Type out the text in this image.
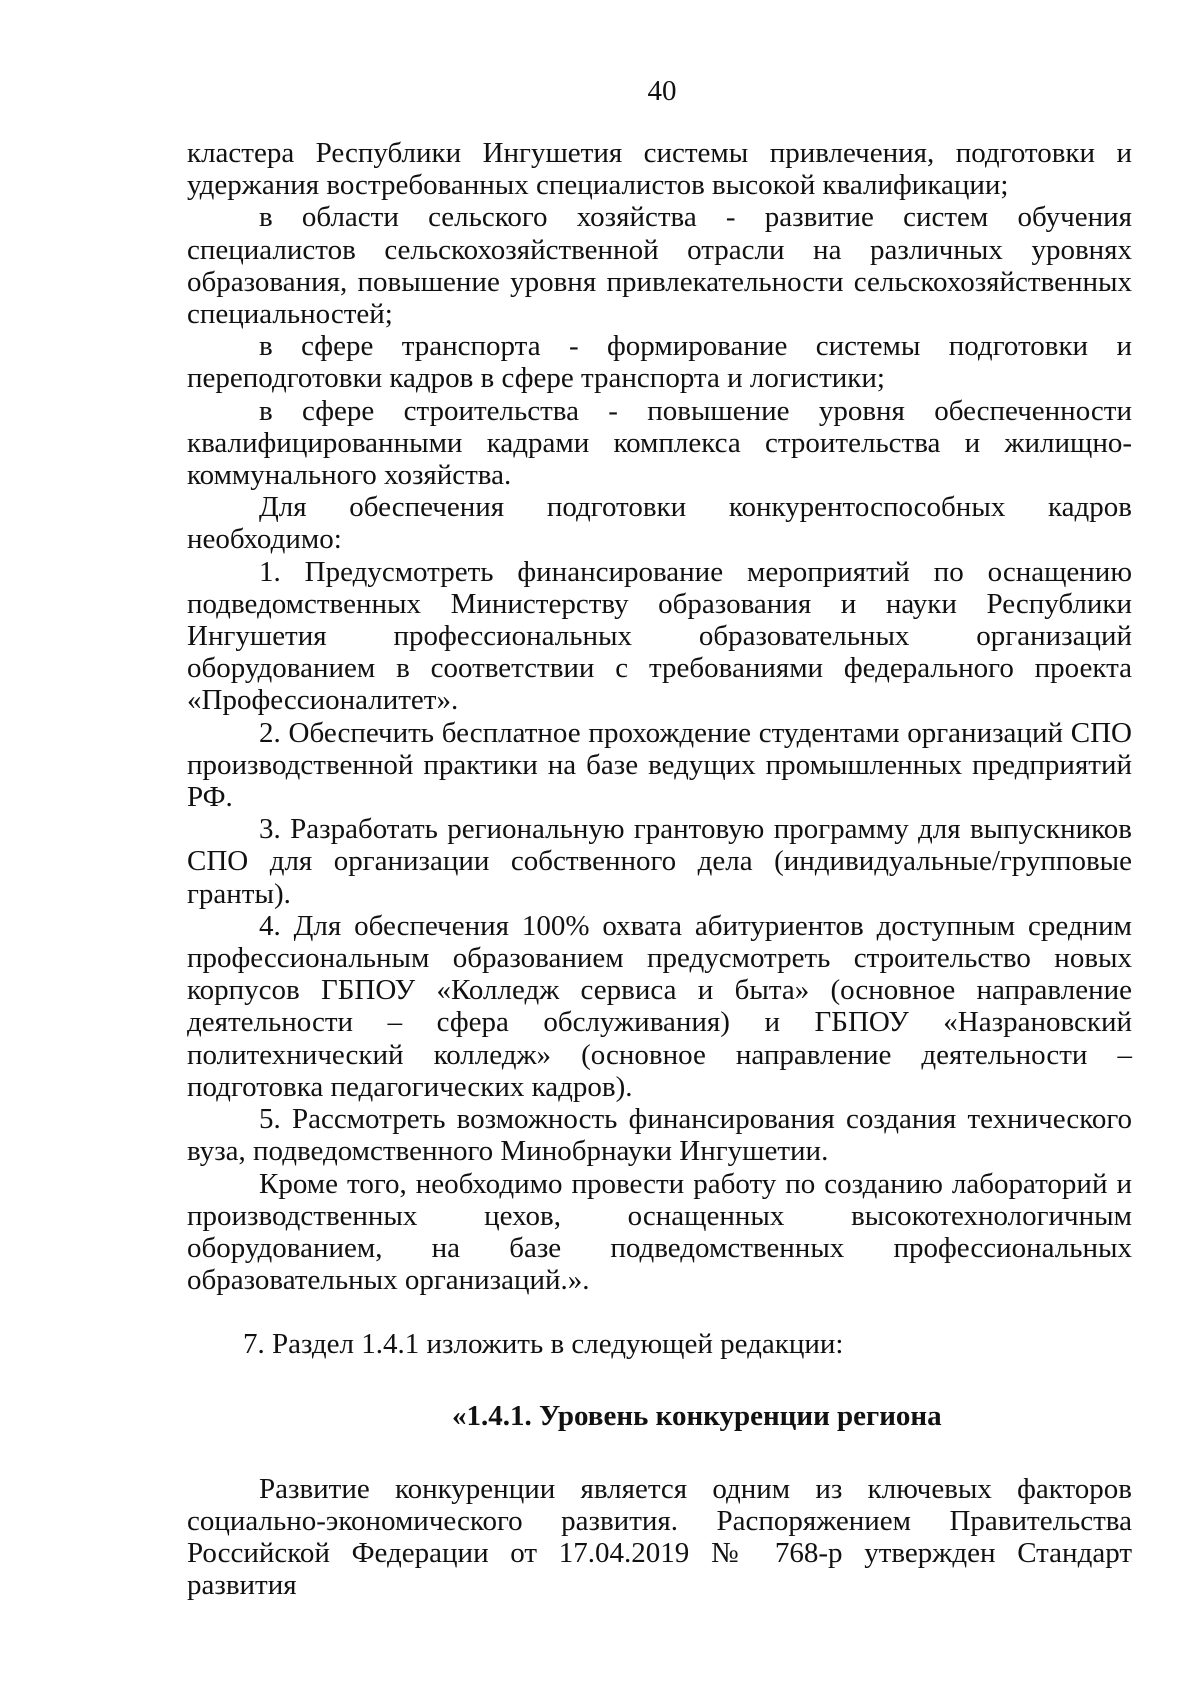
40

кластера Республики Ингушетия системы привлечения, подготовки и удержания востребованных специалистов высокой квалификации;

в области сельского хозяйства - развитие систем обучения специалистов сельскохозяйственной отрасли на различных уровнях образования, повышение уровня привлекательности сельскохозяйственных специальностей;

в сфере транспорта - формирование системы подготовки и переподготовки кадров в сфере транспорта и логистики;

в сфере строительства - повышение уровня обеспеченности квалифицированными кадрами комплекса строительства и жилищно-коммунального хозяйства.

Для обеспечения подготовки конкурентоспособных кадров необходимо:

1. Предусмотреть финансирование мероприятий по оснащению подведомственных Министерству образования и науки Республики Ингушетия профессиональных образовательных организаций оборудованием в соответствии с требованиями федерального проекта «Профессионалитет».

2. Обеспечить бесплатное прохождение студентами организаций СПО производственной практики на базе ведущих промышленных предприятий РФ.

3. Разработать региональную грантовую программу для выпускников СПО для организации собственного дела (индивидуальные/групповые гранты).

4. Для обеспечения 100% охвата абитуриентов доступным средним профессиональным образованием предусмотреть строительство новых корпусов ГБПОУ «Колледж сервиса и быта» (основное направление деятельности – сфера обслуживания) и ГБПОУ «Назрановский политехнический колледж» (основное направление деятельности – подготовка педагогических кадров).

5. Рассмотреть возможность финансирования создания технического вуза, подведомственного Минобрнауки Ингушетии.

Кроме того, необходимо провести работу по созданию лабораторий и производственных цехов, оснащенных высокотехнологичным оборудованием, на базе подведомственных профессиональных образовательных организаций.».

7. Раздел 1.4.1 изложить в следующей редакции:

«1.4.1. Уровень конкуренции региона

Развитие конкуренции является одним из ключевых факторов социально-экономического развития. Распоряжением Правительства Российской Федерации от 17.04.2019 № 768-р утвержден Стандарт развития
